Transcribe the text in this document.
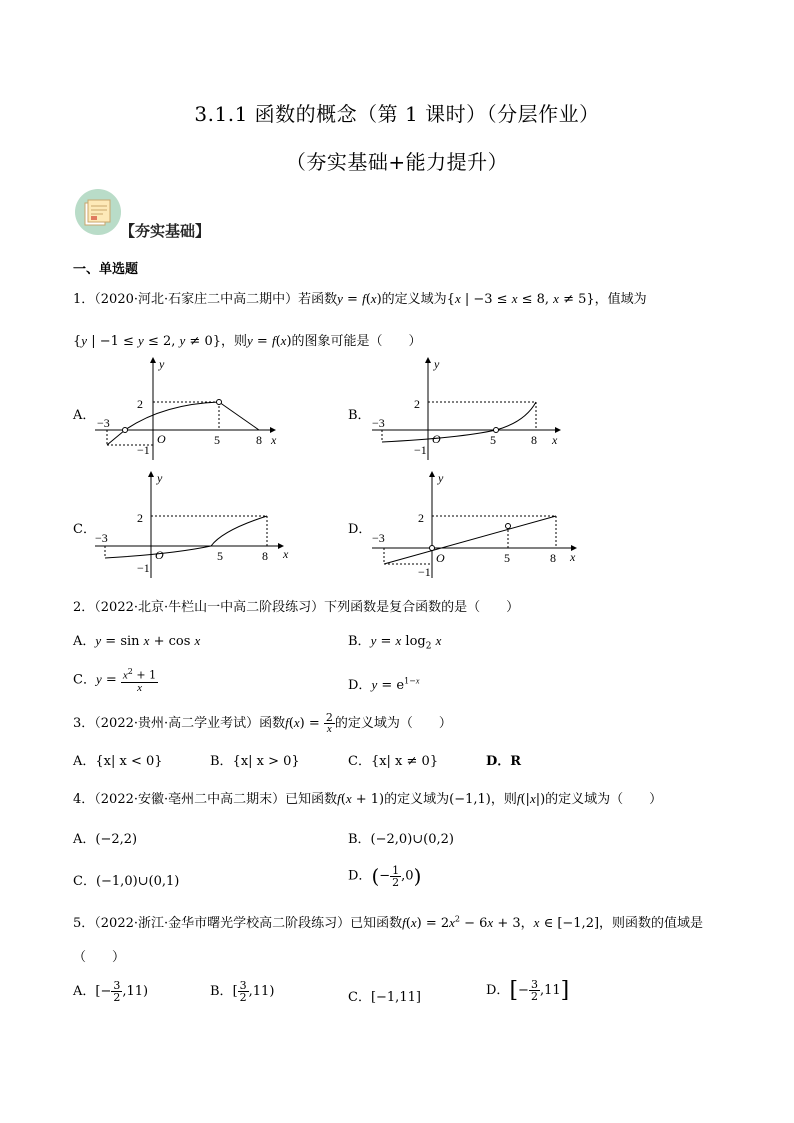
3.1.1 函数的概念（第 1 课时）（分层作业）
（夯实基础+能力提升）
【夯实基础】
一、单选题
1．（2020·河北·石家庄二中高二期中）若函数y = f(x)的定义域为{x | −3 ≤ x ≤ 8, x ≠ 5}，值域为
{y | −1 ≤ y ≤ 2, y ≠ 0}，则y = f(x)的图象可能是（　　）
A．	B．
C．	D．
y
x
O
−3
2
−1
5	8
y
x
O
−3
2
−1
5	8
y
x
O
−3
2
−1
5	8
y
x
O
−3
2
−1
5	8
2．（2022·北京·牛栏山一中高二阶段练习）下列函数是复合函数的是（　　）
A．y = sin x + cos x	B．y = x $\log_2 x$
C．$y = \frac{x^2 + 1}{x}$	D．$y = e^{1-x}$
3．（2022·贵州·高二学业考试）函数$f(x) = \frac{2}{x}$ 的定义域为（　　）
A．{x| x < 0}	B．{x| x > 0}	C．{x| x ≠ 0}	D．R
4．（2022·安徽·亳州二中高二期末）已知函数f(x + 1)的定义域为(−1,1)，则f(|x|)的定义域为（　　）
A．(−2,2)	B．(−2,0)∪(0,2)
C．(−1,0)∪(0,1)	D．(− $\frac{1}{2} ,0$)
5．（2022·浙江·金华市曙光学校高二阶段练习）已知函数$f(x) = 2x^2 - 6x + 3$，x ∈ [−1,2]，则函数的值域是
（　　）
A．[− $\frac{3}{2} ,11$)	B．[ $\frac{3}{2} ,11$)	C．[−1,11]	D．[− $\frac{3}{2} ,11$]
